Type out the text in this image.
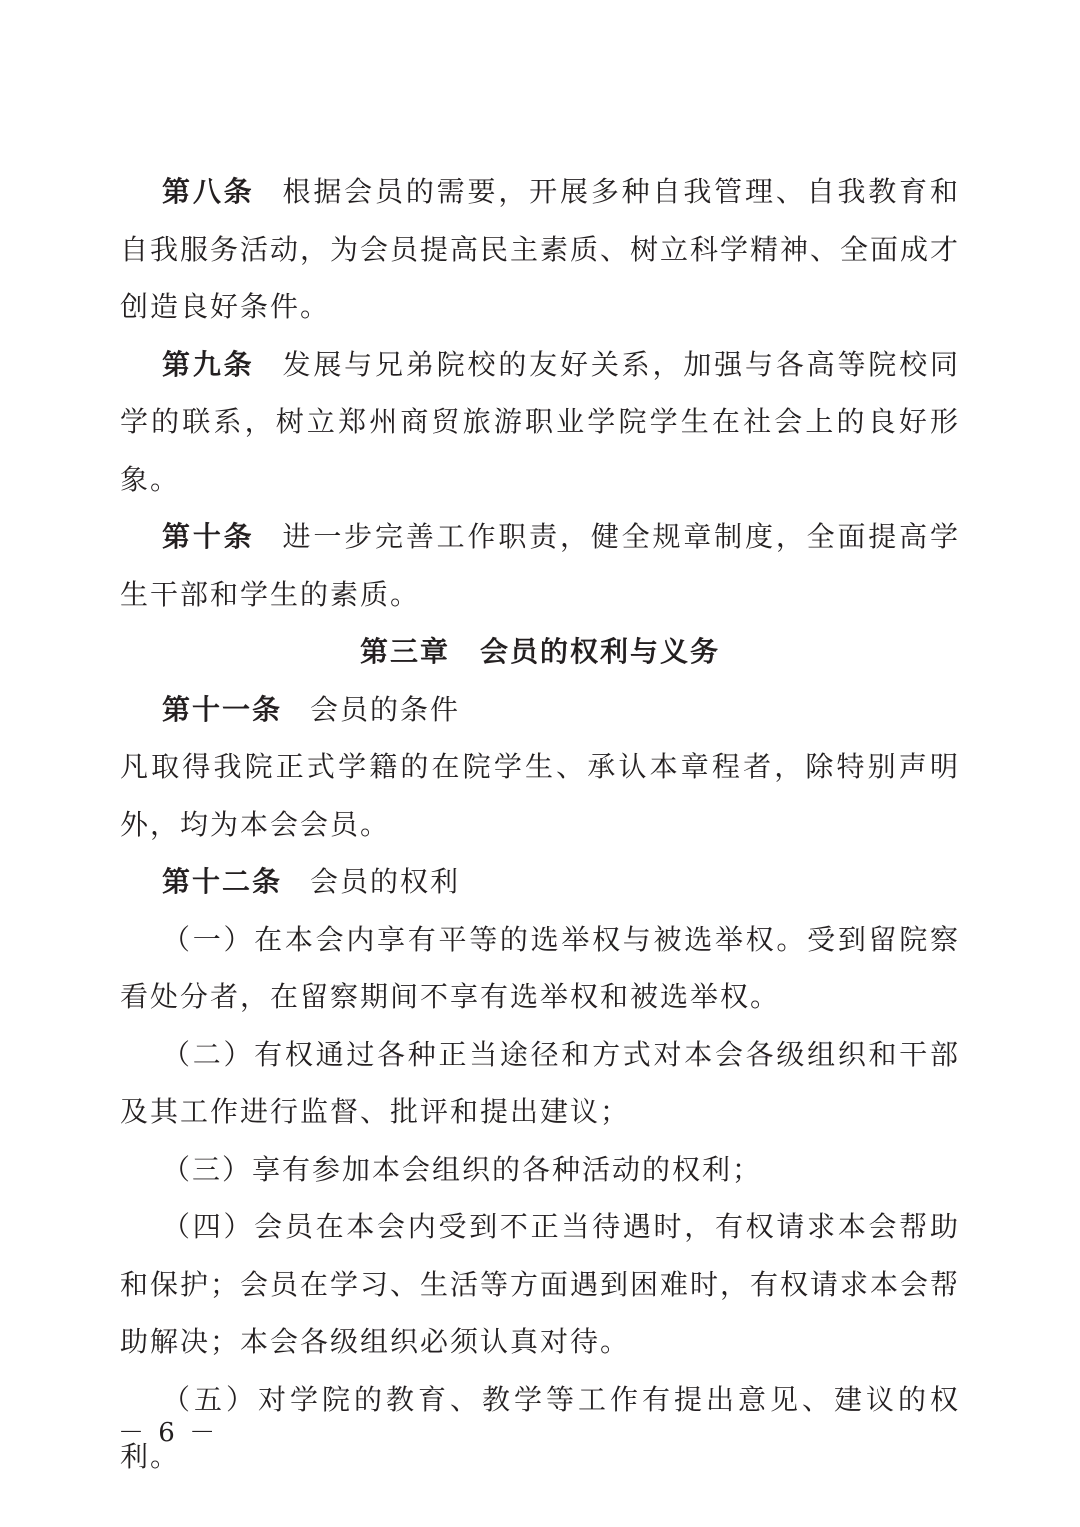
第八条 根据会员的需要，开展多种自我管理、自我教育和自我服务活动，为会员提高民主素质、树立科学精神、全面成才创造良好条件。

第九条 发展与兄弟院校的友好关系，加强与各高等院校同学的联系，树立郑州商贸旅游职业学院学生在社会上的良好形象。

第十条 进一步完善工作职责，健全规章制度，全面提高学生干部和学生的素质。

第三章　会员的权利与义务

第十一条 会员的条件

凡取得我院正式学籍的在院学生、承认本章程者，除特别声明外，均为本会会员。

第十二条 会员的权利

（一）在本会内享有平等的选举权与被选举权。受到留院察看处分者，在留察期间不享有选举权和被选举权。

（二）有权通过各种正当途径和方式对本会各级组织和干部及其工作进行监督、批评和提出建议；

（三）享有参加本会组织的各种活动的权利；

（四）会员在本会内受到不正当待遇时，有权请求本会帮助和保护；会员在学习、生活等方面遇到困难时，有权请求本会帮助解决；本会各级组织必须认真对待。

（五）对学院的教育、教学等工作有提出意见、建议的权利。

－ 6 －
